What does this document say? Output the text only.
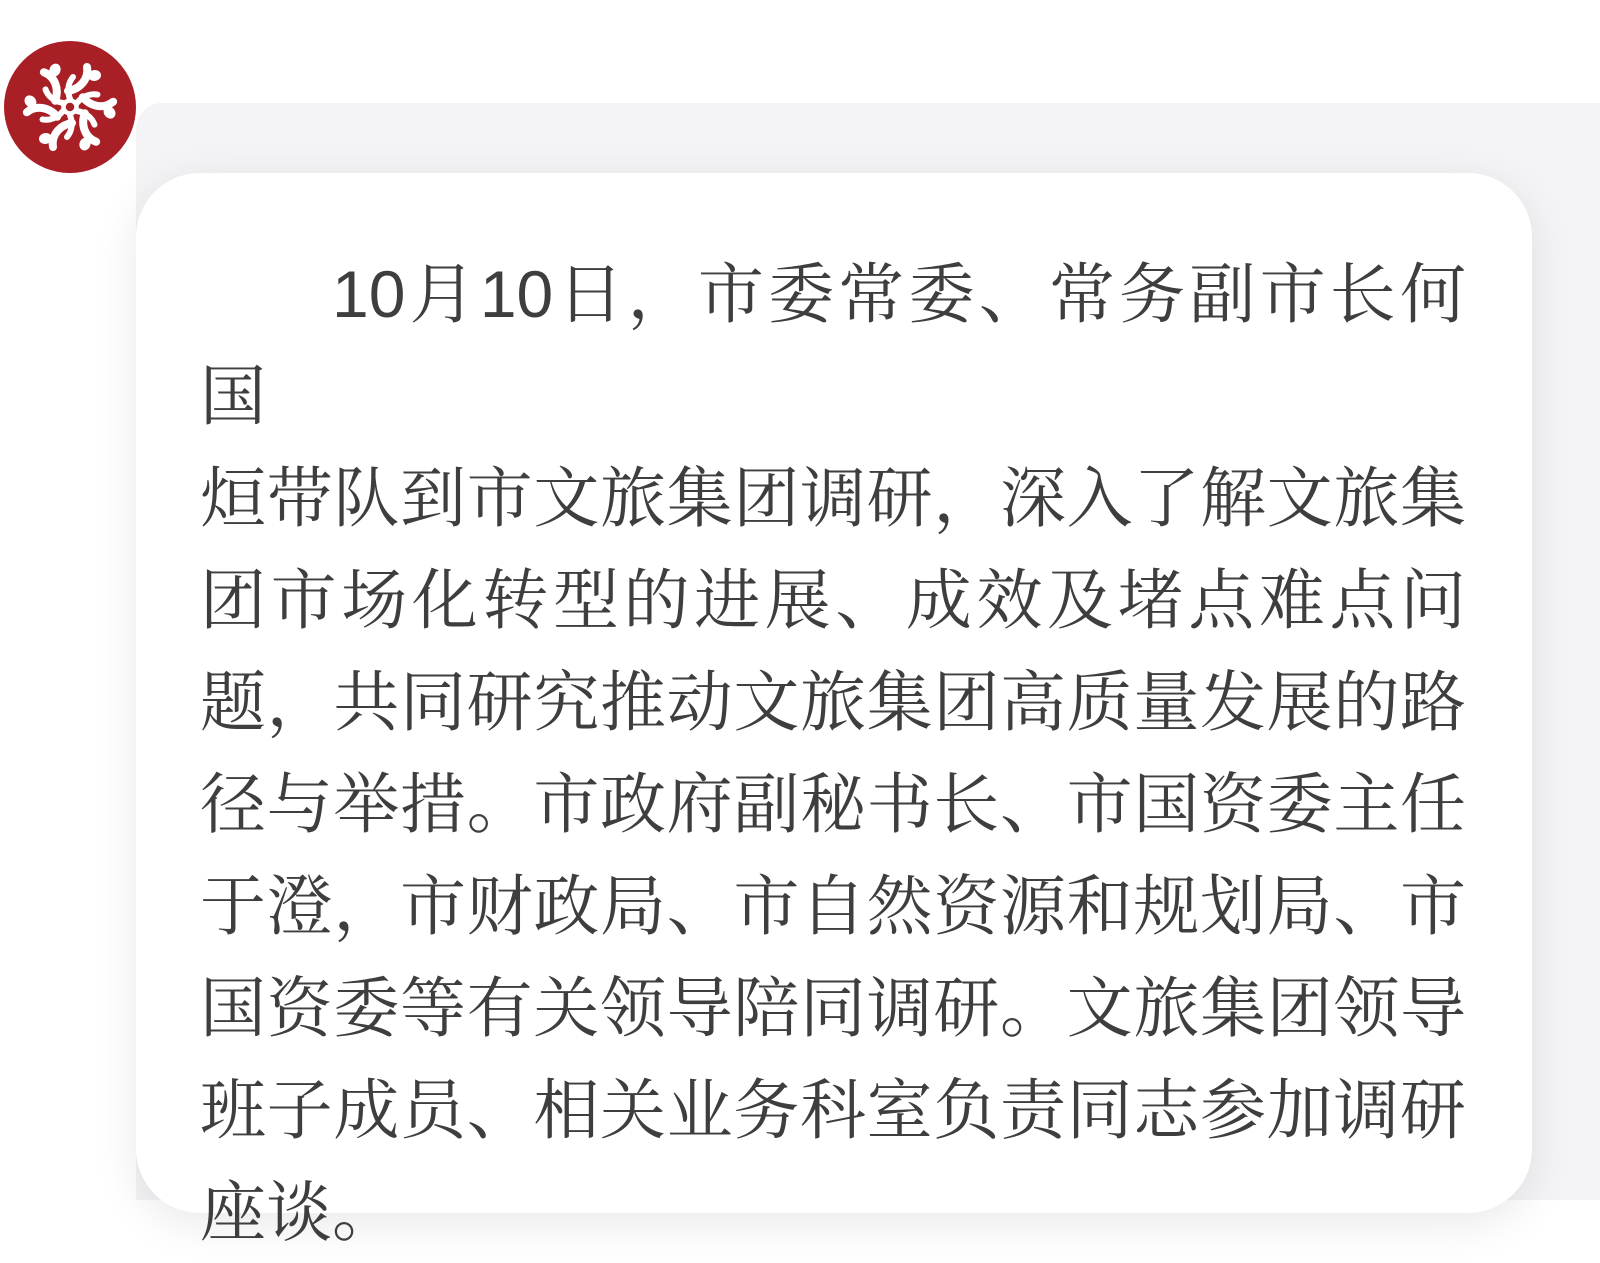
10月10日，市委常委、常务副市长何国
烜带队到市文旅集团调研，深入了解文旅集
团市场化转型的进展、成效及堵点难点问
题，共同研究推动文旅集团高质量发展的路
径与举措。市政府副秘书长、市国资委主任
于澄，市财政局、市自然资源和规划局、市
国资委等有关领导陪同调研。文旅集团领导
班子成员、相关业务科室负责同志参加调研
座谈。
